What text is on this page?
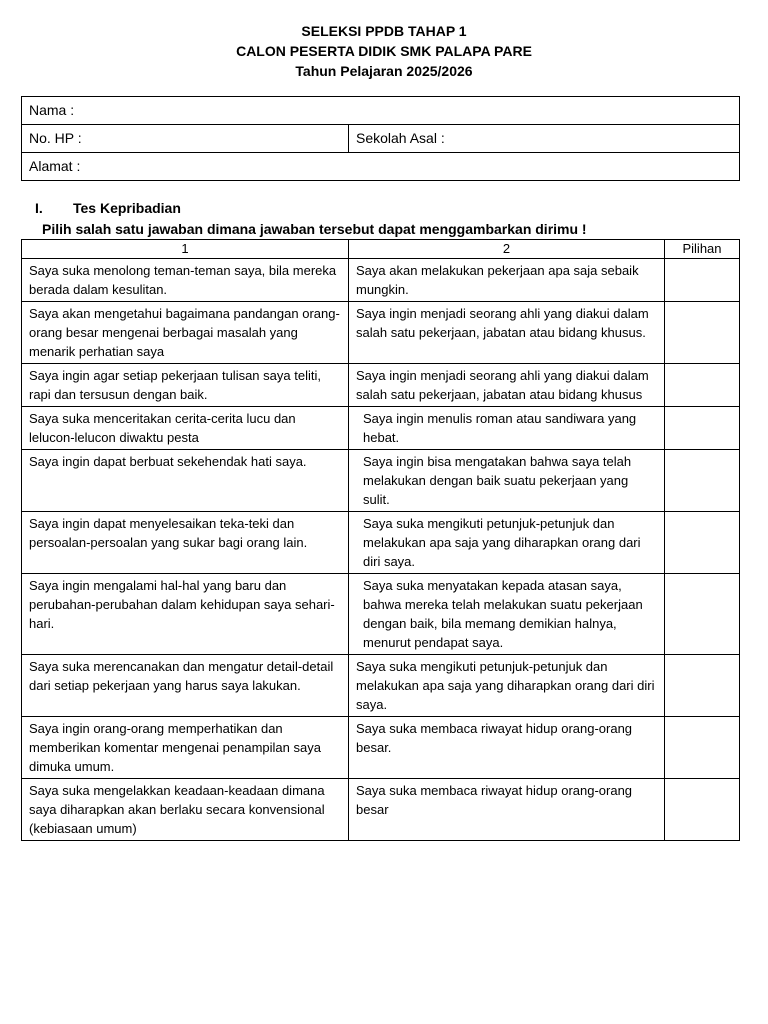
SELEKSI PPDB TAHAP 1
CALON PESERTA DIDIK SMK PALAPA PARE
Tahun Pelajaran 2025/2026
Nama :
No. HP :	Sekolah Asal :
Alamat :
I. Tes Kepribadian
Pilih salah satu jawaban dimana jawaban tersebut dapat menggambarkan dirimu !
1	2	Pilihan
Saya suka menolong teman-teman saya, bila mereka berada dalam kesulitan.	Saya akan melakukan pekerjaan apa saja sebaik mungkin.	
Saya akan mengetahui bagaimana pandangan orang-orang besar mengenai berbagai masalah yang menarik perhatian saya	Saya ingin menjadi seorang ahli yang diakui dalam salah satu pekerjaan, jabatan atau bidang khusus.	
Saya ingin agar setiap pekerjaan tulisan saya teliti, rapi dan tersusun dengan baik.	Saya ingin menjadi seorang ahli yang diakui dalam salah satu pekerjaan, jabatan atau bidang khusus	
Saya suka menceritakan cerita-cerita lucu dan lelucon-lelucon diwaktu pesta	Saya ingin menulis roman atau sandiwara yang hebat.	
Saya ingin dapat berbuat sekehendak hati saya.	Saya ingin bisa mengatakan bahwa saya telah melakukan dengan baik suatu pekerjaan yang sulit.	
Saya ingin dapat menyelesaikan teka-teki dan persoalan-persoalan yang sukar bagi orang lain.	Saya suka mengikuti petunjuk-petunjuk dan melakukan apa saja yang diharapkan orang dari diri saya.	
Saya ingin mengalami hal-hal yang baru dan perubahan-perubahan dalam kehidupan saya sehari-hari.	Saya suka menyatakan kepada atasan saya, bahwa mereka telah melakukan suatu pekerjaan dengan baik, bila memang demikian halnya, menurut pendapat saya.	
Saya suka merencanakan dan mengatur detail-detail dari setiap pekerjaan yang harus saya lakukan.	Saya suka mengikuti petunjuk-petunjuk dan melakukan apa saja yang diharapkan orang dari diri saya.	
Saya ingin orang-orang memperhatikan dan memberikan komentar mengenai penampilan saya dimuka umum.	Saya suka membaca riwayat hidup orang-orang besar.	
Saya suka mengelakkan keadaan-keadaan dimana saya diharapkan akan berlaku secara konvensional (kebiasaan umum)	Saya suka membaca riwayat hidup orang-orang besar	
